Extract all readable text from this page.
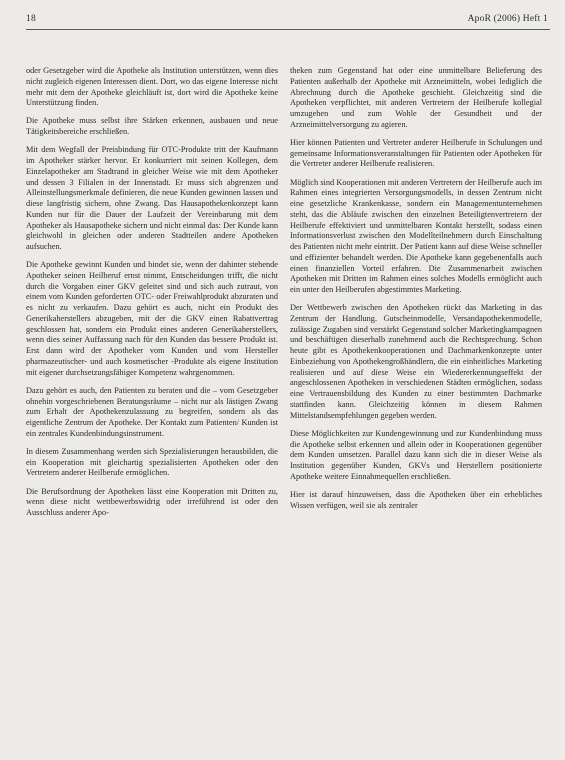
18	ApoR (2006) Heft 1

oder Gesetzgeber wird die Apotheke als Institution unterstützen, wenn dies nicht zugleich eigenen Interessen dient. Dort, wo das eigene Interesse nicht mehr mit dem der Apotheke gleichläuft ist, dort wird die Apotheke keine Unterstützung finden.

Die Apotheke muss selbst ihre Stärken erkennen, ausbauen und neue Tätigkeitsbereiche erschließen.

Mit dem Wegfall der Preisbindung für OTC-Produkte tritt der Kaufmann im Apotheker stärker hervor. Er konkurriert mit seinen Kollegen, dem Einzelapotheker am Stadtrand in gleicher Weise wie mit dem Apotheker und dessen 3 Filialen in der Innenstadt. Er muss sich abgrenzen und Alleinstellungsmerkmale definieren, die neue Kunden gewinnen lassen und diese langfristig sichern, ohne Zwang. Das Hausapothekenkonzept kann Kunden nur für die Dauer der Laufzeit der Vereinbarung mit dem Apotheker als Hausapotheke sichern und nicht einmal das: Der Kunde kann gleichwohl in gleichen oder anderen Stadtteilen andere Apotheken aufsuchen.

Die Apotheke gewinnt Kunden und bindet sie, wenn der dahinter stehende Apotheker seinen Heilberuf ernst nimmt, Entscheidungen trifft, die nicht durch die Vorgaben einer GKV geleitet sind und sich auch zutraut, von einem vom Kunden geforderten OTC- oder Freiwahlprodukt abzuraten und es nicht zu verkaufen. Dazu gehört es auch, nicht ein Produkt des Generikaherstellers abzugeben, mit der die GKV einen Rabattvertrag geschlossen hat, sondern ein Produkt eines anderen Generikaherstellers, wenn dies seiner Auffassung nach für den Kunden das bessere Produkt ist. Erst dann wird der Apotheker vom Kunden und vom Hersteller pharmazeutischer- und auch kosmetischer -Produkte als eigene Institution mit eigener durchsetzungsfähiger Kompetenz wahrgenommen.

Dazu gehört es auch, den Patienten zu beraten und die – vom Gesetzgeber ohnehin vorgeschriebenen Beratungsräume – nicht nur als lästigen Zwang zum Erhalt der Apothekenzulassung zu begreifen, sondern als das eigentliche Zentrum der Apotheke. Der Kontakt zum Patienten/ Kunden ist ein zentrales Kundenbindungsinstrument.

In diesem Zusammenhang werden sich Spezialisierungen herausbilden, die ein Kooperation mit gleichartig spezialisierten Apotheken oder den Vertretern anderer Heilberufe ermöglichen.

Die Berufsordnung der Apotheken lässt eine Kooperation mit Dritten zu, wenn diese nicht wettbewerbswidrig oder irreführend ist oder den Ausschluss anderer Apo-

theken zum Gegenstand hat oder eine unmittelbare Belieferung des Patienten außerhalb der Apotheke mit Arzneimitteln, wobei lediglich die Abrechnung durch die Apotheke geschieht. Gleichzeitig sind die Apotheken verpflichtet, mit anderen Vertretern der Heilberufe kollegial umzugehen und zum Wohle der Gesundheit und der Arzneimittelversorgung zu agieren.

Hier können Patienten und Vertreter anderer Heilberufe in Schulungen und gemeinsame Informationsveranstaltungen für Patienten oder Apotheken für die Vertreter anderer Heilberufe realisieren.

Möglich sind Kooperationen mit anderen Vertretern der Heilberufe auch im Rahmen eines integrierten Versorgungsmodells, in dessen Zentrum nicht eine gesetzliche Krankenkasse, sondern ein Managementunternehmen steht, das die Abläufe zwischen den einzelnen Beteiligtenvertretern der Heilberufe effektiviert und unmittelbaren Kontakt herstellt, sodass einen Informationsverlust zwischen den Modellteilnehmern durch Einschaltung des Patienten nicht mehr eintritt. Der Patient kann auf diese Weise schneller und effizienter behandelt werden. Die Apotheke kann gegebenenfalls auch einen finanziellen Vorteil erfahren. Die Zusammenarbeit zwischen Apotheken mit Dritten im Rahmen eines solches Modells ermöglicht auch ein unter den Heilberufen abgestimmtes Marketing.

Der Wettbewerb zwischen den Apotheken rückt das Marketing in das Zentrum der Handlung. Gutscheinmodelle, Versandapothekenmodelle, zulässige Zugaben sind verstärkt Gegenstand solcher Marketingkampagnen und beschäftigen dieserhalb zunehmend auch die Rechtsprechung. Schon heute gibt es Apothekenkooperationen und Dachmarkenkonzepte unter Einbeziehung von Apothekengroßhändlern, die ein einheitliches Marketing realisieren und auf diese Weise ein Wiedererkennungseffekt der angeschlossenen Apotheken in verschiedenen Städten ermöglichen, sodass eine Vertrauensbildung des Kunden zu einer bestimmten Dachmarke stattfinden kann. Gleichzeitig können in diesem Rahmen Mittelstandsempfehlungen gegeben werden.

Diese Möglichkeiten zur Kundengewinnung und zur Kundenbindung muss die Apotheke selbst erkennen und allein oder in Kooperationen gegenüber dem Kunden umsetzen. Parallel dazu kann sich die in dieser Weise als Institution gegenüber Kunden, GKVs und Herstellern positionierte Apotheke weitere Einnahmequellen erschließen.

Hier ist darauf hinzuweisen, dass die Apotheken über ein erhebliches Wissen verfügen, weil sie als zentraler
